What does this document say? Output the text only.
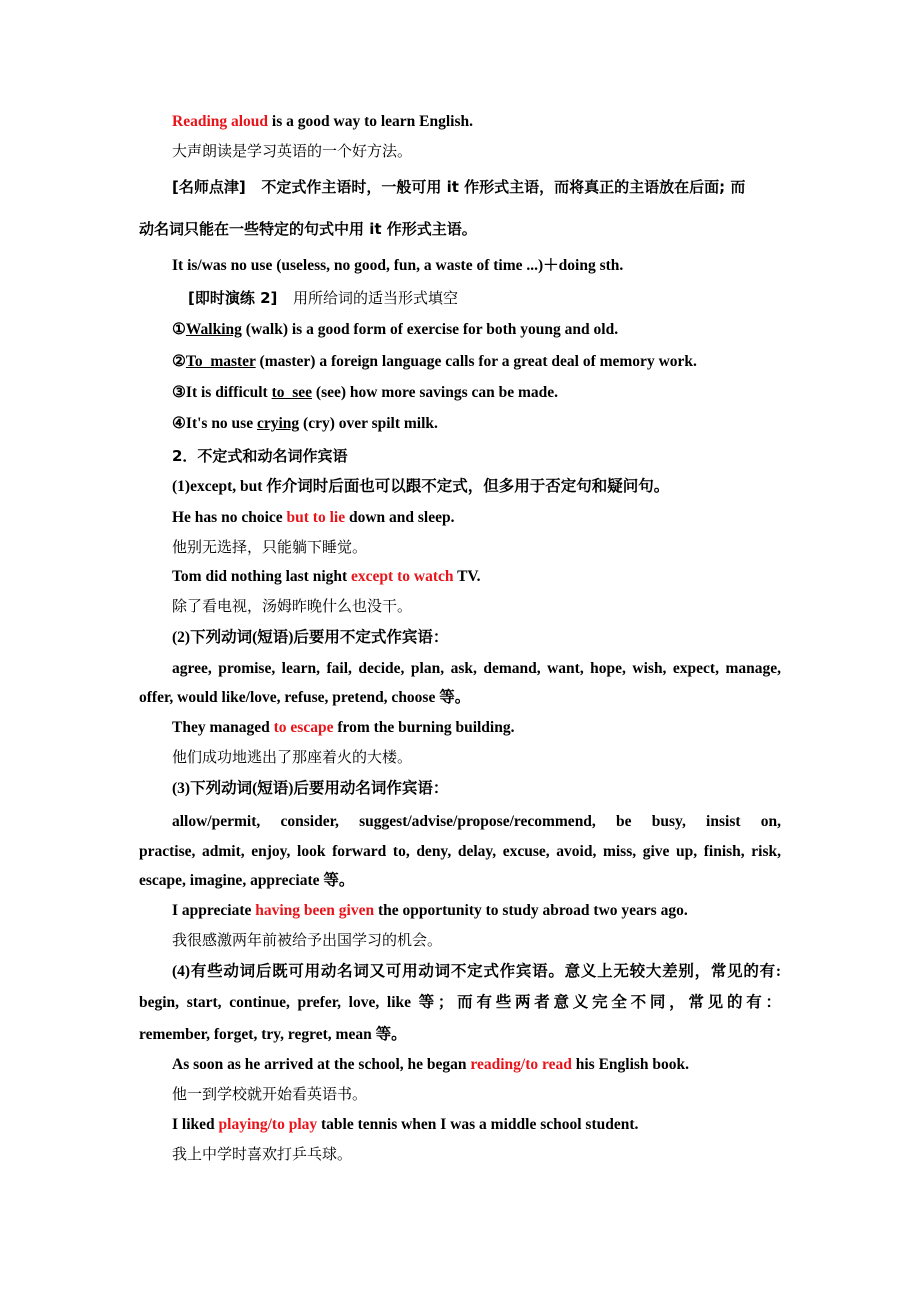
Reading aloud is a good way to learn English.
大声朗读是学习英语的一个好方法。
[名师点津] 不定式作主语时，一般可用 it 作形式主语，而将真正的主语放在后面; 而
动名词只能在一些特定的句式中用 it 作形式主语。
It is/was no use (useless, no good, fun, a waste of time ...)＋doing sth.
[即时演练 2] 用所给词的适当形式填空
①Walking (walk) is a good form of exercise for both young and old.
②To  master (master) a foreign language calls for a great deal of memory work.
③It is difficult to  see (see) how more savings can be made.
④It's no use crying (cry) over spilt milk.
2．不定式和动名词作宾语
(1)except, but 作介词时后面也可以跟不定式，但多用于否定句和疑问句。
He has no choice but to lie down and sleep.
他别无选择，只能躺下睡觉。
Tom did nothing last night except to watch TV.
除了看电视，汤姆昨晚什么也没干。
(2)下列动词(短语)后要用不定式作宾语：
agree, promise, learn, fail, decide, plan, ask, demand, want, hope, wish, expect, manage,
offer, would like/love, refuse, pretend, choose 等。
They managed to escape from the burning building.
他们成功地逃出了那座着火的大楼。
(3)下列动词(短语)后要用动名词作宾语：
allow/permit, consider, suggest/advise/propose/recommend, be busy, insist on,
practise, admit, enjoy, look forward to, deny, delay, excuse, avoid, miss, give up, finish, risk,
escape, imagine, appreciate 等。
I appreciate having been given the opportunity to study abroad two years ago.
我很感激两年前被给予出国学习的机会。
(4)有些动词后既可用动名词又可用动词不定式作宾语。意义上无较大差别，常见的有:
begin, start, continue, prefer, love, like 等；而有些两者意义完全不同，常见的有：
remember, forget, try, regret, mean 等。
As soon as he arrived at the school, he began reading/to read his English book.
他一到学校就开始看英语书。
I liked playing/to play table tennis when I was a middle school student.
我上中学时喜欢打乒乓球。
